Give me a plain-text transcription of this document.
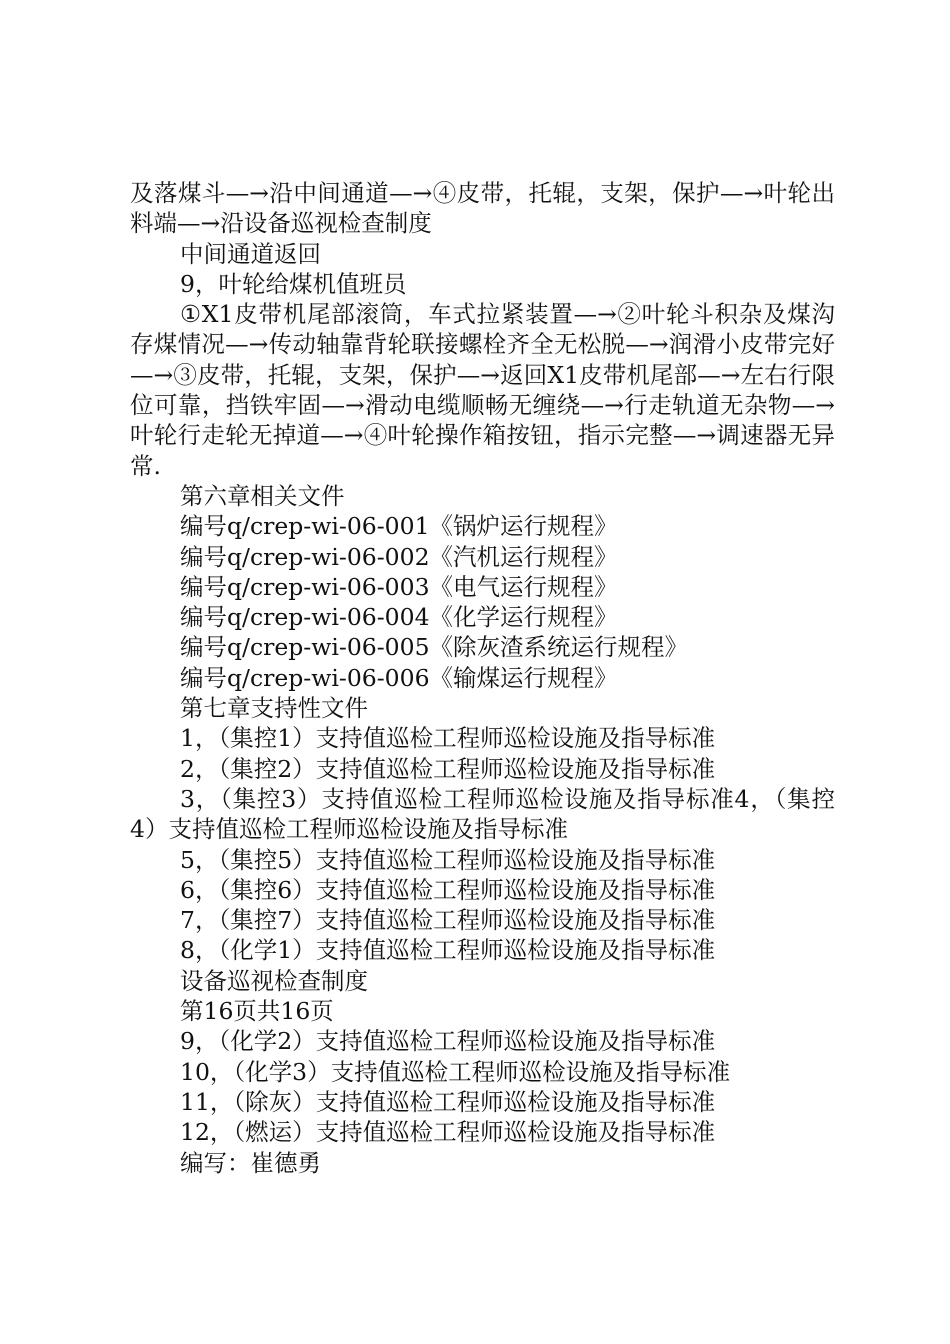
及落煤斗—→沿中间通道—→④皮带，托辊，支架，保护—→叶轮出料端—→沿设备巡视检查制度

中间通道返回

9，叶轮给煤机值班员

①X1皮带机尾部滚筒，车式拉紧装置—→②叶轮斗积杂及煤沟存煤情况—→传动轴靠背轮联接螺栓齐全无松脱—→润滑小皮带完好—→③皮带，托辊，支架，保护—→返回X1皮带机尾部—→左右行限位可靠，挡铁牢固—→滑动电缆顺畅无缠绕—→行走轨道无杂物—→叶轮行走轮无掉道—→④叶轮操作箱按钮，指示完整—→调速器无异常.

第六章相关文件

编号q/crep-wi-06-001《锅炉运行规程》

编号q/crep-wi-06-002《汽机运行规程》

编号q/crep-wi-06-003《电气运行规程》

编号q/crep-wi-06-004《化学运行规程》

编号q/crep-wi-06-005《除灰渣系统运行规程》

编号q/crep-wi-06-006《输煤运行规程》

第七章支持性文件

1，（集控1）支持值巡检工程师巡检设施及指导标准

2，（集控2）支持值巡检工程师巡检设施及指导标准

3，（集控3）支持值巡检工程师巡检设施及指导标准4，（集控4）支持值巡检工程师巡检设施及指导标准

5，（集控5）支持值巡检工程师巡检设施及指导标准

6，（集控6）支持值巡检工程师巡检设施及指导标准

7，（集控7）支持值巡检工程师巡检设施及指导标准

8，（化学1）支持值巡检工程师巡检设施及指导标准

设备巡视检查制度

第16页共16页

9，（化学2）支持值巡检工程师巡检设施及指导标准

10，（化学3）支持值巡检工程师巡检设施及指导标准

11，（除灰）支持值巡检工程师巡检设施及指导标准

12，（燃运）支持值巡检工程师巡检设施及指导标准

编写：崔德勇
